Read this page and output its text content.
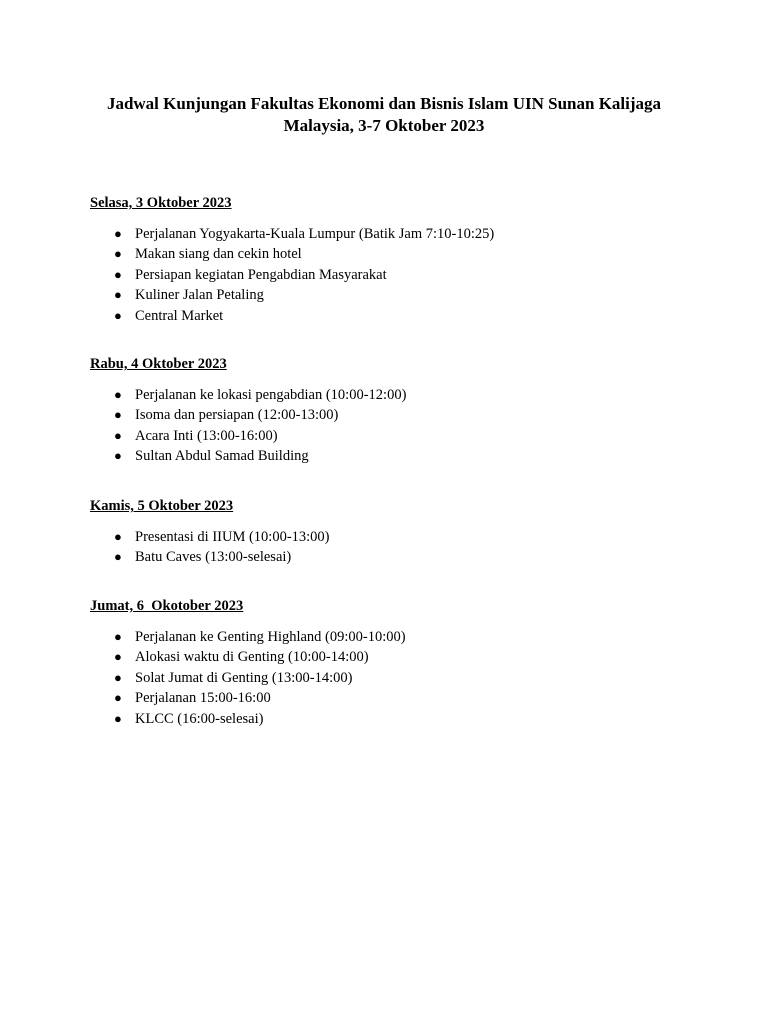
Jadwal Kunjungan Fakultas Ekonomi dan Bisnis Islam UIN Sunan Kalijaga
Malaysia, 3-7 Oktober 2023

Selasa, 3 Oktober 2023

● Perjalanan Yogyakarta-Kuala Lumpur (Batik Jam 7:10-10:25)
● Makan siang dan cekin hotel
● Persiapan kegiatan Pengabdian Masyarakat
● Kuliner Jalan Petaling
● Central Market

Rabu, 4 Oktober 2023

● Perjalanan ke lokasi pengabdian (10:00-12:00)
● Isoma dan persiapan (12:00-13:00)
● Acara Inti (13:00-16:00)
● Sultan Abdul Samad Building

Kamis, 5 Oktober 2023

● Presentasi di IIUM (10:00-13:00)
● Batu Caves (13:00-selesai)

Jumat, 6  Okotober 2023

● Perjalanan ke Genting Highland (09:00-10:00)
● Alokasi waktu di Genting (10:00-14:00)
● Solat Jumat di Genting (13:00-14:00)
● Perjalanan 15:00-16:00
● KLCC (16:00-selesai)
